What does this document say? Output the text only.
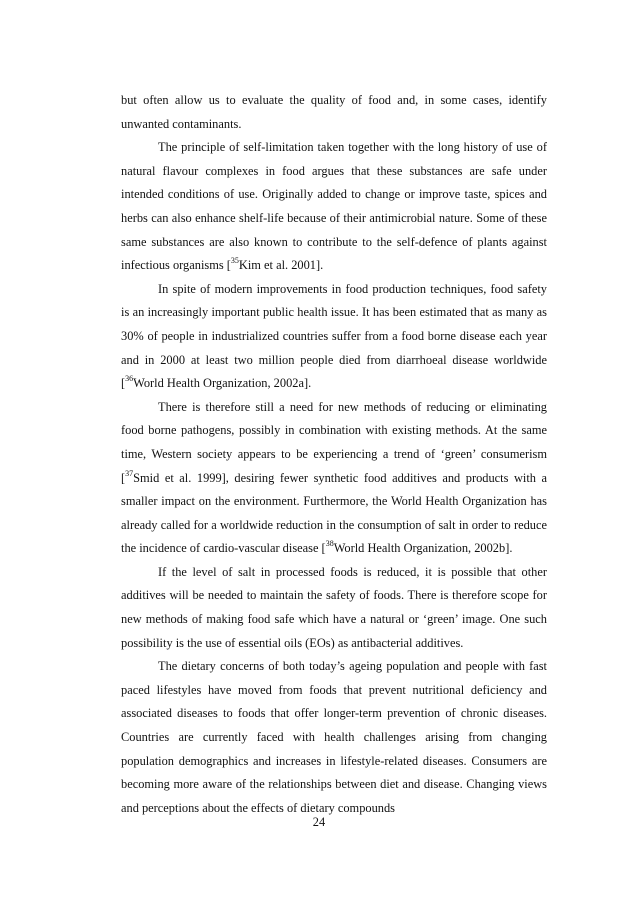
but often allow us to evaluate the quality of food and, in some cases, identify unwanted contaminants.

The principle of self-limitation taken together with the long history of use of natural flavour complexes in food argues that these substances are safe under intended conditions of use. Originally added to change or improve taste, spices and herbs can also enhance shelf-life because of their antimicrobial nature. Some of these same substances are also known to contribute to the self-defence of plants against infectious organisms [$^{35}$Kim et al. 2001].

In spite of modern improvements in food production techniques, food safety is an increasingly important public health issue. It has been estimated that as many as 30% of people in industrialized countries suffer from a food borne disease each year and in 2000 at least two million people died from diarrhoeal disease worldwide [$^{36}$World Health Organization, 2002a].

There is therefore still a need for new methods of reducing or eliminating food borne pathogens, possibly in combination with existing methods. At the same time, Western society appears to be experiencing a trend of ‘green’ consumerism [$^{37}$Smid et al. 1999], desiring fewer synthetic food additives and products with a smaller impact on the environment. Furthermore, the World Health Organization has already called for a worldwide reduction in the consumption of salt in order to reduce the incidence of cardio-vascular disease [$^{38}$World Health Organization, 2002b].

If the level of salt in processed foods is reduced, it is possible that other additives will be needed to maintain the safety of foods. There is therefore scope for new methods of making food safe which have a natural or ‘green’ image. One such possibility is the use of essential oils (EOs) as antibacterial additives.

The dietary concerns of both today’s ageing population and people with fast paced lifestyles have moved from foods that prevent nutritional deficiency and associated diseases to foods that offer longer-term prevention of chronic diseases. Countries are currently faced with health challenges arising from changing population demographics and increases in lifestyle-related diseases. Consumers are becoming more aware of the relationships between diet and disease. Changing views and perceptions about the effects of dietary compounds

24
